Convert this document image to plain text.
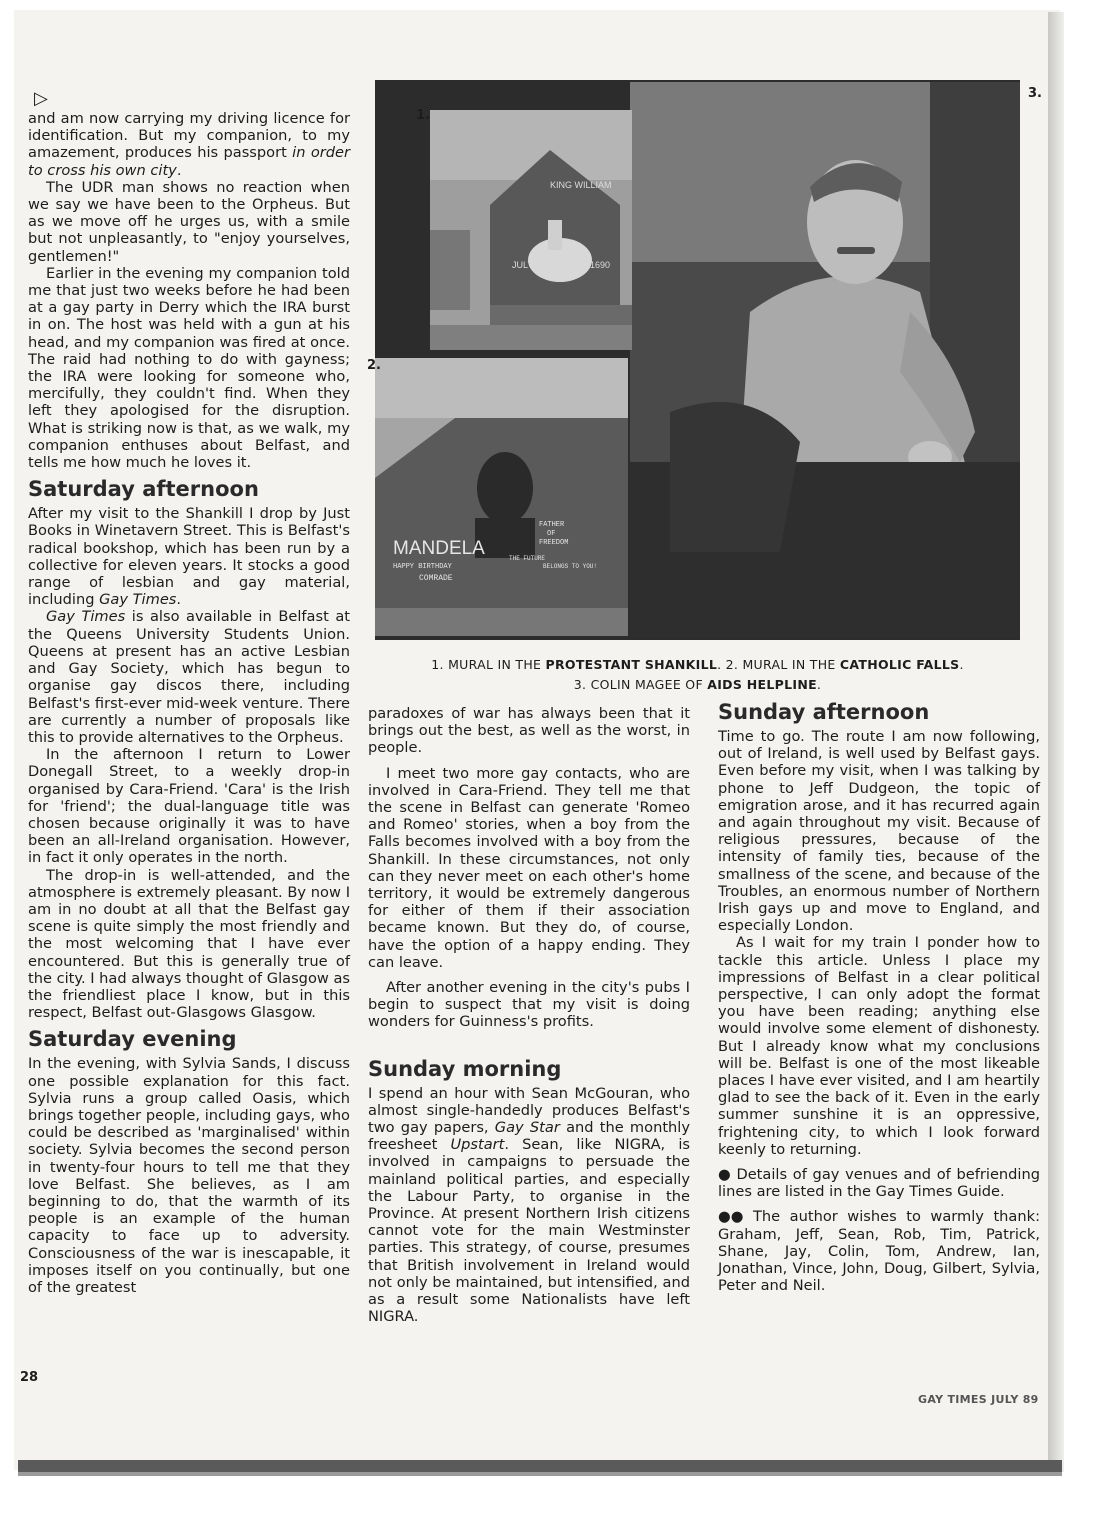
▷
KING WILLIAM
JULY	1690
MANDELA
HAPPY BIRTHDAY
COMRADE
FATHER
OF
FREEDOM
THE FUTURE
BELONGS TO YOU!
1.
2.
3.
1. MURAL IN THE PROTESTANT SHANKILL. 2. MURAL IN THE CATHOLIC FALLS.
3. COLIN MAGEE OF AIDS HELPLINE.

and am now carrying my driving licence for identification. But my companion, to my amazement, produces his passport in order to cross his own city.

The UDR man shows no reaction when we say we have been to the Orpheus. But as we move off he urges us, with a smile but not unpleasantly, to "enjoy yourselves, gentlemen!"

Earlier in the evening my companion told me that just two weeks before he had been at a gay party in Derry which the IRA burst in on. The host was held with a gun at his head, and my companion was fired at once. The raid had nothing to do with gayness; the IRA were looking for someone who, mercifully, they couldn't find. When they left they apologised for the disruption. What is striking now is that, as we walk, my companion enthuses about Belfast, and tells me how much he loves it.

Saturday afternoon

After my visit to the Shankill I drop by Just Books in Winetavern Street. This is Belfast's radical bookshop, which has been run by a collective for eleven years. It stocks a good range of lesbian and gay material, including Gay Times.

Gay Times is also available in Belfast at the Queens University Students Union. Queens at present has an active Lesbian and Gay Society, which has begun to organise gay discos there, including Belfast's first-ever mid-week venture. There are currently a number of proposals like this to provide alternatives to the Orpheus.

In the afternoon I return to Lower Donegall Street, to a weekly drop-in organised by Cara-Friend. 'Cara' is the Irish for 'friend'; the dual-language title was chosen because originally it was to have been an all-Ireland organisation. However, in fact it only operates in the north.

The drop-in is well-attended, and the atmosphere is extremely pleasant. By now I am in no doubt at all that the Belfast gay scene is quite simply the most friendly and the most welcoming that I have ever encountered. But this is generally true of the city. I had always thought of Glasgow as the friendliest place I know, but in this respect, Belfast out-Glasgows Glasgow.

Saturday evening

In the evening, with Sylvia Sands, I discuss one possible explanation for this fact. Sylvia runs a group called Oasis, which brings together people, including gays, who could be described as 'marginalised' within society. Sylvia becomes the second person in twenty-four hours to tell me that they love Belfast. She believes, as I am beginning to do, that the warmth of its people is an example of the human capacity to face up to adversity. Consciousness of the war is inescapable, it imposes itself on you continually, but one of the greatest

paradoxes of war has always been that it brings out the best, as well as the worst, in people.

I meet two more gay contacts, who are involved in Cara-Friend. They tell me that the scene in Belfast can generate 'Romeo and Romeo' stories, when a boy from the Falls becomes involved with a boy from the Shankill. In these circumstances, not only can they never meet on each other's home territory, it would be extremely dangerous for either of them if their association became known. But they do, of course, have the option of a happy ending. They can leave.

After another evening in the city's pubs I begin to suspect that my visit is doing wonders for Guinness's profits.

Sunday morning

I spend an hour with Sean McGouran, who almost single-handedly produces Belfast's two gay papers, Gay Star and the monthly freesheet Upstart. Sean, like NIGRA, is involved in campaigns to persuade the mainland political parties, and especially the Labour Party, to organise in the Province. At present Northern Irish citizens cannot vote for the main Westminster parties. This strategy, of course, presumes that British involvement in Ireland would not only be maintained, but intensified, and as a result some Nationalists have left NIGRA.

Sunday afternoon

Time to go. The route I am now following, out of Ireland, is well used by Belfast gays. Even before my visit, when I was talking by phone to Jeff Dudgeon, the topic of emigration arose, and it has recurred again and again throughout my visit. Because of religious pressures, because of the intensity of family ties, because of the smallness of the scene, and because of the Troubles, an enormous number of Northern Irish gays up and move to England, and especially London.

As I wait for my train I ponder how to tackle this article. Unless I place my impressions of Belfast in a clear political perspective, I can only adopt the format you have been reading; anything else would involve some element of dishonesty. But I already know what my conclusions will be. Belfast is one of the most likeable places I have ever visited, and I am heartily glad to see the back of it. Even in the early summer sunshine it is an oppressive, frightening city, to which I look forward keenly to returning.

● Details of gay venues and of befriending lines are listed in the Gay Times Guide.

●● The author wishes to warmly thank: Graham, Jeff, Sean, Rob, Tim, Patrick, Shane, Jay, Colin, Tom, Andrew, Ian, Jonathan, Vince, John, Doug, Gilbert, Sylvia, Peter and Neil.

28
GAY TIMES JULY 89
